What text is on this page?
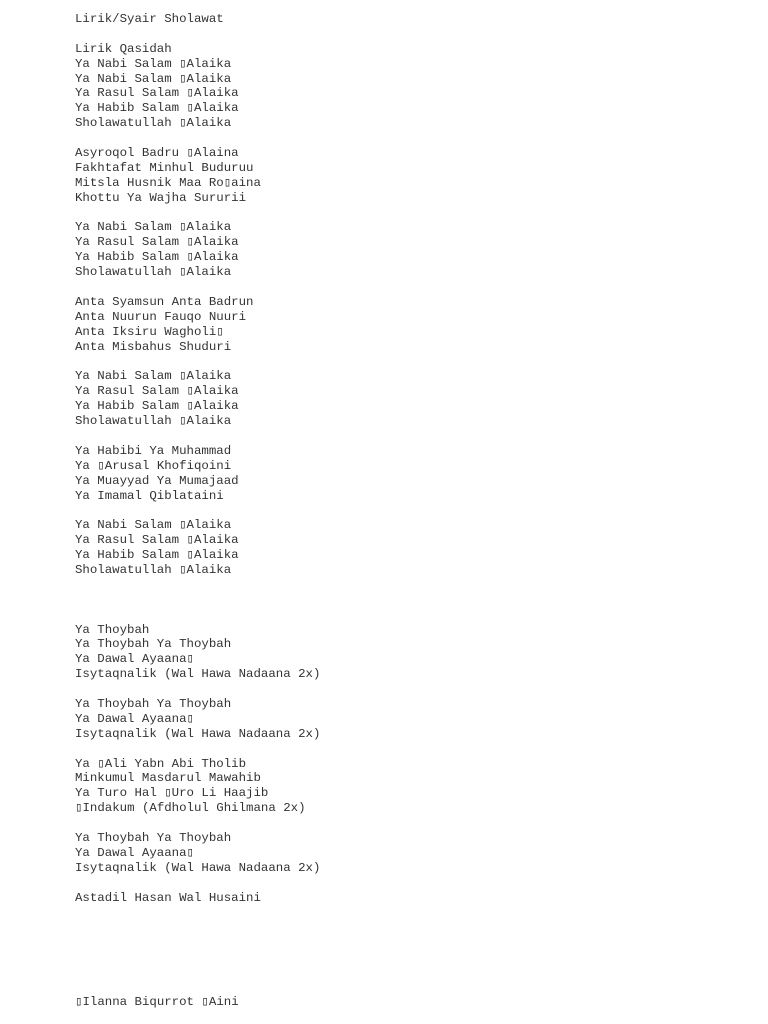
Lirik/Syair Sholawat
Lirik Qasidah
Ya Nabi Salam ▯​Alaika
Ya Nabi Salam ▯​Alaika
Ya Rasul Salam ▯​Alaika
Ya Habib Salam ▯​Alaika
Sholawatullah ▯​Alaika
Asyroqol Badru ▯​Alaina
Fakhtafat Minhul Buduruu
Mitsla Husnik Maa Ro▯​aina
Khottu Ya Wajha Sururii
Ya Nabi Salam ▯​Alaika
Ya Rasul Salam ▯​Alaika
Ya Habib Salam ▯​Alaika
Sholawatullah ▯​Alaika
Anta Syamsun Anta Badrun
Anta Nuurun Fauqo Nuuri
Anta Iksiru Wagholi▯
Anta Misbahus Shuduri
Ya Nabi Salam ▯​Alaika
Ya Rasul Salam ▯​Alaika
Ya Habib Salam ▯​Alaika
Sholawatullah ▯​Alaika
Ya Habibi Ya Muhammad
Ya ▯​Arusal Khofiqoini
Ya Muayyad Ya Mumajaad
Ya Imamal Qiblataini
Ya Nabi Salam ▯​Alaika
Ya Rasul Salam ▯​Alaika
Ya Habib Salam ▯​Alaika
Sholawatullah ▯​Alaika
Ya Thoybah
Ya Thoybah Ya Thoybah
Ya Dawal Ayaana▯
Isytaqnalik (Wal Hawa Nadaana 2x)
Ya Thoybah Ya Thoybah
Ya Dawal Ayaana▯
Isytaqnalik (Wal Hawa Nadaana 2x)
Ya ▯​Ali Yabn Abi Tholib
Minkumul Masdarul Mawahib
Ya Turo Hal ▯​Uro Li Haajib
▯​Indakum (Afdholul Ghilmana 2x)
Ya Thoybah Ya Thoybah
Ya Dawal Ayaana▯
Isytaqnalik (Wal Hawa Nadaana 2x)
Astadil Hasan Wal Husaini
▯​Ilanna Biqurrot ▯​Aini
